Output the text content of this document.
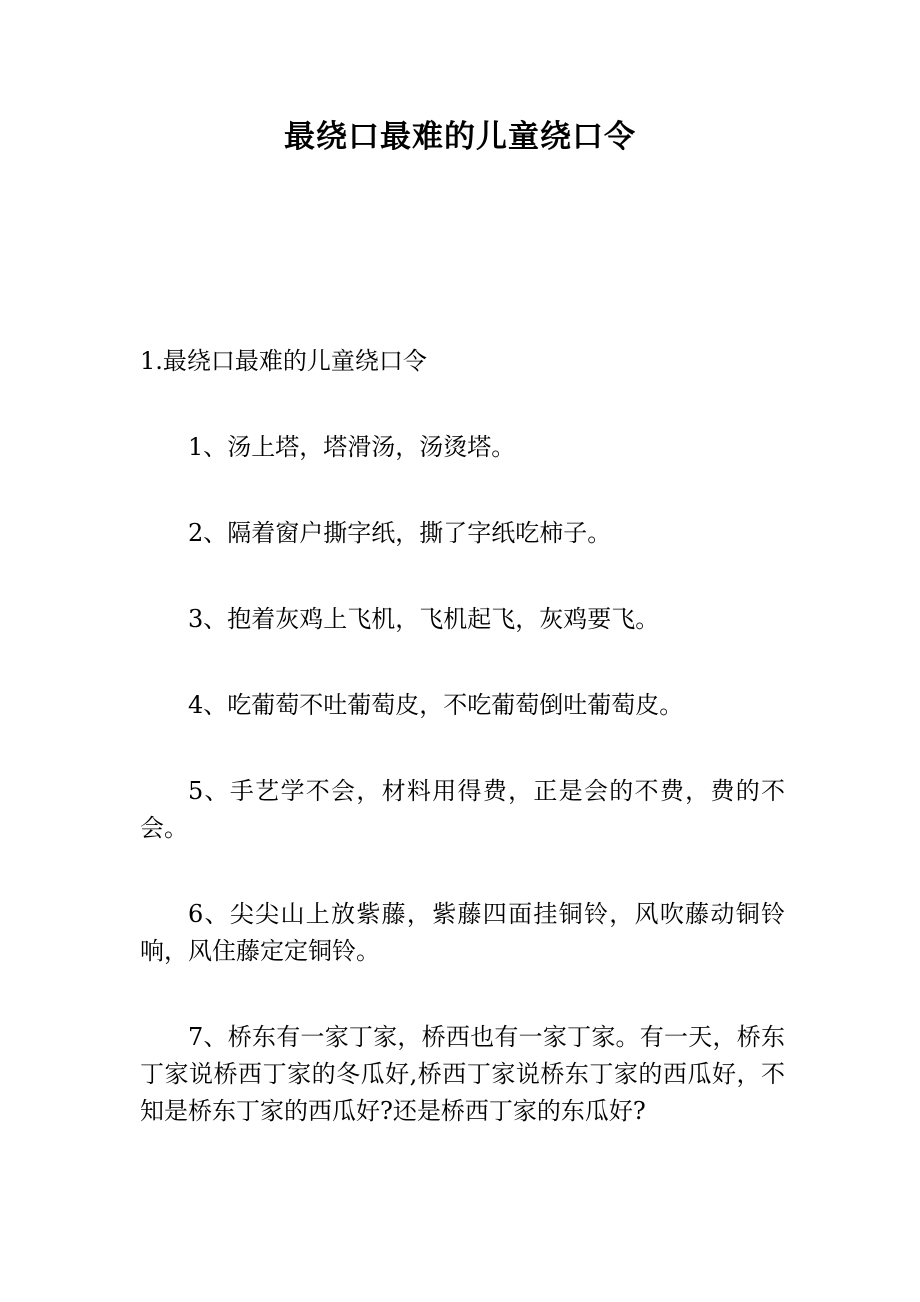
最绕口最难的儿童绕口令
1.最绕口最难的儿童绕口令
1、汤上塔，塔滑汤，汤烫塔。
2、隔着窗户撕字纸，撕了字纸吃柿子。
3、抱着灰鸡上飞机，飞机起飞，灰鸡要飞。
4、吃葡萄不吐葡萄皮，不吃葡萄倒吐葡萄皮。
5、手艺学不会，材料用得费，正是会的不费，费的不会。
6、尖尖山上放紫藤，紫藤四面挂铜铃，风吹藤动铜铃响，风住藤定定铜铃。
7、桥东有一家丁家，桥西也有一家丁家。有一天，桥东丁家说桥西丁家的冬瓜好,桥西丁家说桥东丁家的西瓜好，不知是桥东丁家的西瓜好?还是桥西丁家的东瓜好?
